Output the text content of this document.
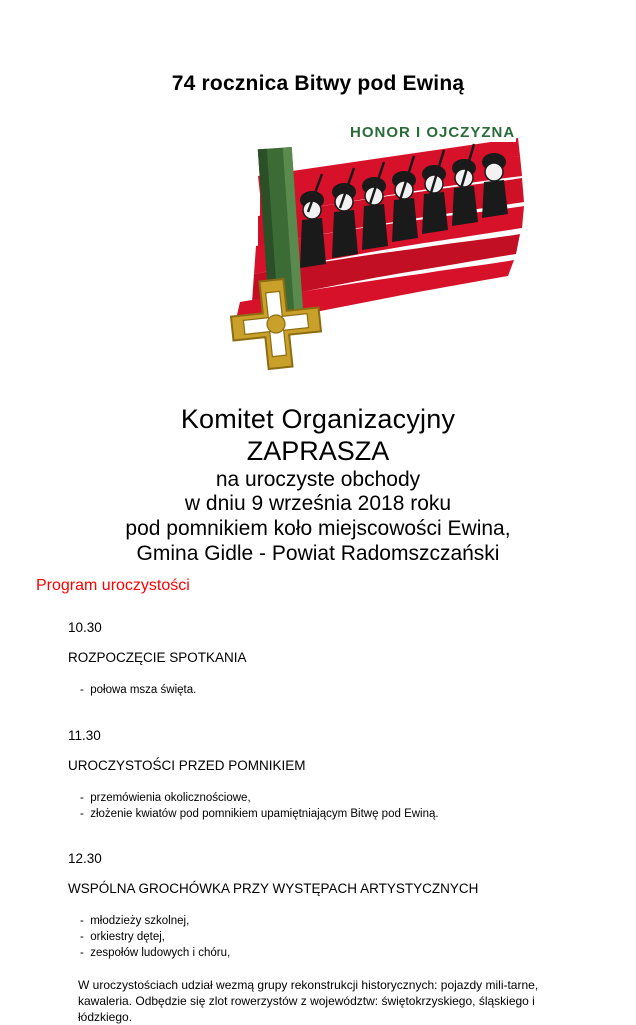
74 rocznica Bitwy pod Ewiną
HONOR I OJCZYZNA
Komitet Organizacyjny
ZAPRASZA
na uroczyste obchody
w dniu 9 września 2018 roku
pod pomnikiem koło miejscowości Ewina,
Gmina Gidle - Powiat Radomszczański
Program uroczystości

10.30

ROZPOCZĘCIE SPOTKANIA

-  połowa msza święta.

11.30

UROCZYSTOŚCI PRZED POMNIKIEM

-  przemówienia okolicznościowe,
-  złożenie kwiatów pod pomnikiem upamiętniającym Bitwę pod Ewiną.

12.30

WSPÓLNA GROCHÓWKA PRZY WYSTĘPACH ARTYSTYCZNYCH

-  młodzieży szkolnej,
-  orkiestry dętej,
-  zespołów ludowych i chóru,
W uroczystościach udział wezmą grupy rekonstrukcji historycznych: pojazdy mili-tarne, kawaleria. Odbędzie się zlot rowerzystów z województw: świętokrzyskiego, śląskiego i łódzkiego.
